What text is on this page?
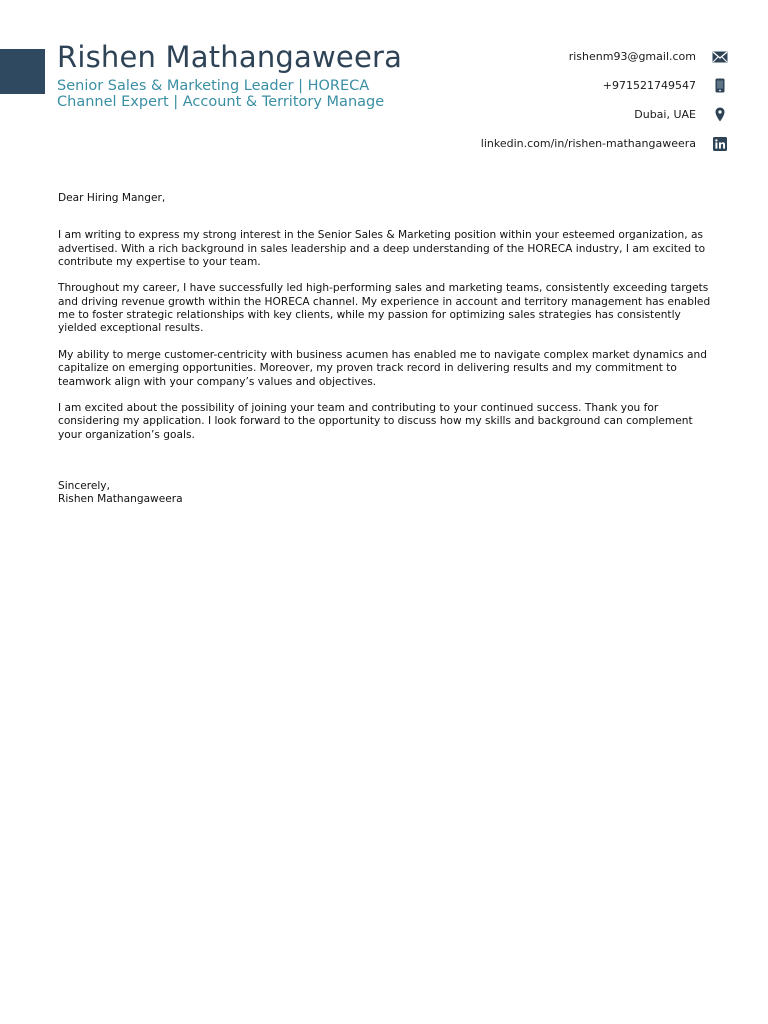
Rishen Mathangaweera

Senior Sales & Marketing Leader | HORECA Channel Expert | Account & Territory Manage

rishenm93@gmail.com
+971521749547
Dubai, UAE
linkedin.com/in/rishen-mathangaweera

Dear Hiring Manger,

I am writing to express my strong interest in the Senior Sales & Marketing position within your esteemed organization, as advertised. With a rich background in sales leadership and a deep understanding of the HORECA industry, I am excited to contribute my expertise to your team.

Throughout my career, I have successfully led high-performing sales and marketing teams, consistently exceeding targets and driving revenue growth within the HORECA channel. My experience in account and territory management has enabled me to foster strategic relationships with key clients, while my passion for optimizing sales strategies has consistently yielded exceptional results.

My ability to merge customer-centricity with business acumen has enabled me to navigate complex market dynamics and capitalize on emerging opportunities. Moreover, my proven track record in delivering results and my commitment to teamwork align with your company’s values and objectives.

I am excited about the possibility of joining your team and contributing to your continued success. Thank you for considering my application. I look forward to the opportunity to discuss how my skills and background can complement your organization’s goals.

Sincerely,
Rishen Mathangaweera
